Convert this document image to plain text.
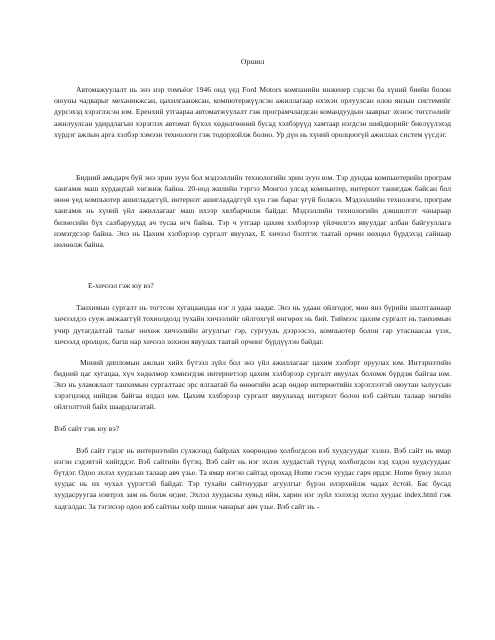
Оршил

Автомажуулалт нь энэ нэр томъёог 1946 онд үед Ford Motors компанийн инженер сэдсэн ба хүний биейн болон оюуны чадварыг механикжсан, цахилгаанжсан, компютержүүлсэн ажиллагаар нхэхэн орлуулсан олон янзын системийг дурсэхэд хэрэглэсэн юм. Еренхий утгаараа автоматжуулалт гэж програмчлагдсан командуудын зааврыг эхэнэс төгсгөлийг ажилуулсан удирдлагын хэрэглэх автомат бүхэл хөдөлгөөний бусад хэлбэрүүд хамтаар нэгдсэн шийдвэрийг биелүүлэхэд хүрдэг ажлын арга хэлбэр хэмээн технологи гэж тодорхойлж болно. Ур дүн нь хүний оролцоогүй ажиллах систем үүсдэг.

Бидний амьдарч буй энэ эрин зуун бол мэдээллийн технологийн эрин зуун юм. Тэр дундаа компьютерийн програм хангамж маш хурдацтай хөгжиж байна. 20-нод жилийн тэргээ Монгол улсад компьютер, интернэт танигдаж байсан бол өнөө үед компьютер ашигладаггүй, интернэт ашиглададггүй хүн гэж бараг үгүй болжээ. Мэдээллийн технологи, програм хангамж нь хүний үйл ажиллагааг маш ихээр хялбарчилж байдаг. Мэдээллийн технологийн дэвшилтэт чанараар бизнесийн бүх салбаруудад ач тусаа өгч байна. Тэр ч утгаар цахим хэлбэрээр үйлчилгээ явуулдаг албан байгууллага нэмэгдсээр байна. Энэ нь Цахим хэлбэрээр сургалт явуулах, Е хичээл бэлтгэх таатай орчин нөхцөл бүрдэхэд сайнаар нөлөөлж байна.

Е-хичээл гэж юу вэ?

Танхимын сургалт нь тогтсон хугацаандаа нэг л удаа заадаг. Энэ нь удаан ойлгодог, мөн янз бүрийн шалтгаанаар хичээлдээ сууж амжааггүй тохиолдолд тухайн хичээлийг ойлгохгүй өнгөрөх нь бий. Тиймээс цахим сургалт нь танхимын учир дутагдалтай талыг нөхөж хичээлийн агуулгыг гэр, сургууль дээрээсээ, компьютер болон гар утаснаасаа үзэх, хичээлд оролцох, багш нар хичээл зохион явуулах таатай орчинг бүрдүүлэн байдаг.

Миний дипломын ажлын хийх бүтээл зүйл бол энэ үйл ажиллагааг цахим хэлбэрт оруулах юм. Интэрнэтийн бидний цаг хугацаа, хүч хөдөлмөр хэмнэгдэж интернетээр цахим хэлбэрээр сургалт явуулах боломж бүрдэж байгаа юм. Энэ нь уламжлалт танхимын сургалтаас эрс ялгаатай ба өнөөгийн асар өндөр интернетийн хэрэглээтэй оюутан залуусын хэрэгцээнд нийцэж байгаа ялдал юм. Цахим хэлбэрээр сургалт явуулахад интэрнэт болон вэб сайтын талаар энгийн ойлголттой байх шаардлагатай.

Вэб сайт гэж юу вэ?

Вэб сайт гэдэг нь интернэтийн сүлжээнд байрлах хөөрөндөө холбогдсон вэб хуудсуудыг хэлнэ. Вэб сайт нь ямар нэгэн сэдэвтэй хийгддэг. Вэб сайтийн бүтэц. Вэб сайт нь нэг эхлэх хуудастай түүнд холбогдсон хэд хэдэн хуудсуудаас бүтдэг. Одоо эхлэл хуудсын талаар авч үзье. Та ямар нэгэн сайтад орохад Home гэсэн хуудас гарч ирдэг. Home буюу эхлэл хуудас нь их чухал үүрэгтэй байдаг. Тэр тухайн сайтнуудыг агуулгыг бүрэн илэрхийлж чадах ёстой. Бас бусад хуудасруугаа нэвтрэх зам нь болж өгдөг. Эхлэл хуудасны хувьд ийм, харин нэг зүйл хэлэхэд эхлэл хуудас index.html гэж хадгалдаг. За тэгэхээр одоо вэб сайтны хоёр шинж чанарыг авч үзье. Вэб сайт нь -
